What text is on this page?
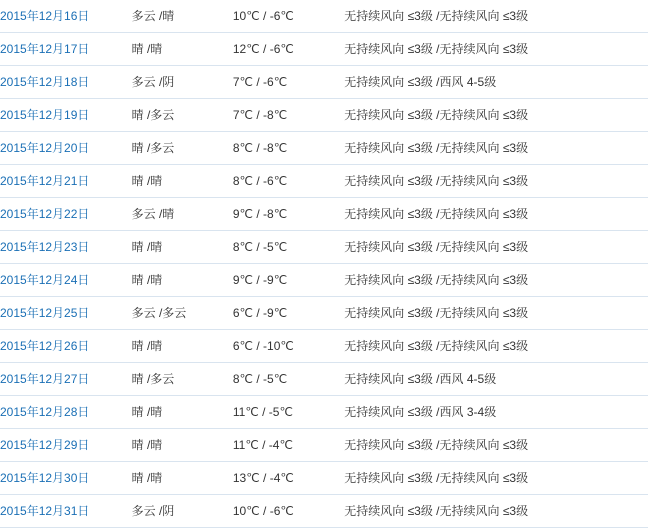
2015年12月16日	多云 /晴	10℃ / -6℃	无持续风向 ≤3级 /无持续风向 ≤3级
2015年12月17日	晴 /晴	12℃ / -6℃	无持续风向 ≤3级 /无持续风向 ≤3级
2015年12月18日	多云 /阴	7℃ / -6℃	无持续风向 ≤3级 /西风 4-5级
2015年12月19日	晴 /多云	7℃ / -8℃	无持续风向 ≤3级 /无持续风向 ≤3级
2015年12月20日	晴 /多云	8℃ / -8℃	无持续风向 ≤3级 /无持续风向 ≤3级
2015年12月21日	晴 /晴	8℃ / -6℃	无持续风向 ≤3级 /无持续风向 ≤3级
2015年12月22日	多云 /晴	9℃ / -8℃	无持续风向 ≤3级 /无持续风向 ≤3级
2015年12月23日	晴 /晴	8℃ / -5℃	无持续风向 ≤3级 /无持续风向 ≤3级
2015年12月24日	晴 /晴	9℃ / -9℃	无持续风向 ≤3级 /无持续风向 ≤3级
2015年12月25日	多云 /多云	6℃ / -9℃	无持续风向 ≤3级 /无持续风向 ≤3级
2015年12月26日	晴 /晴	6℃ / -10℃	无持续风向 ≤3级 /无持续风向 ≤3级
2015年12月27日	晴 /多云	8℃ / -5℃	无持续风向 ≤3级 /西风 4-5级
2015年12月28日	晴 /晴	11℃ / -5℃	无持续风向 ≤3级 /西风 3-4级
2015年12月29日	晴 /晴	11℃ / -4℃	无持续风向 ≤3级 /无持续风向 ≤3级
2015年12月30日	晴 /晴	13℃ / -4℃	无持续风向 ≤3级 /无持续风向 ≤3级
2015年12月31日	多云 /阴	10℃ / -6℃	无持续风向 ≤3级 /无持续风向 ≤3级
